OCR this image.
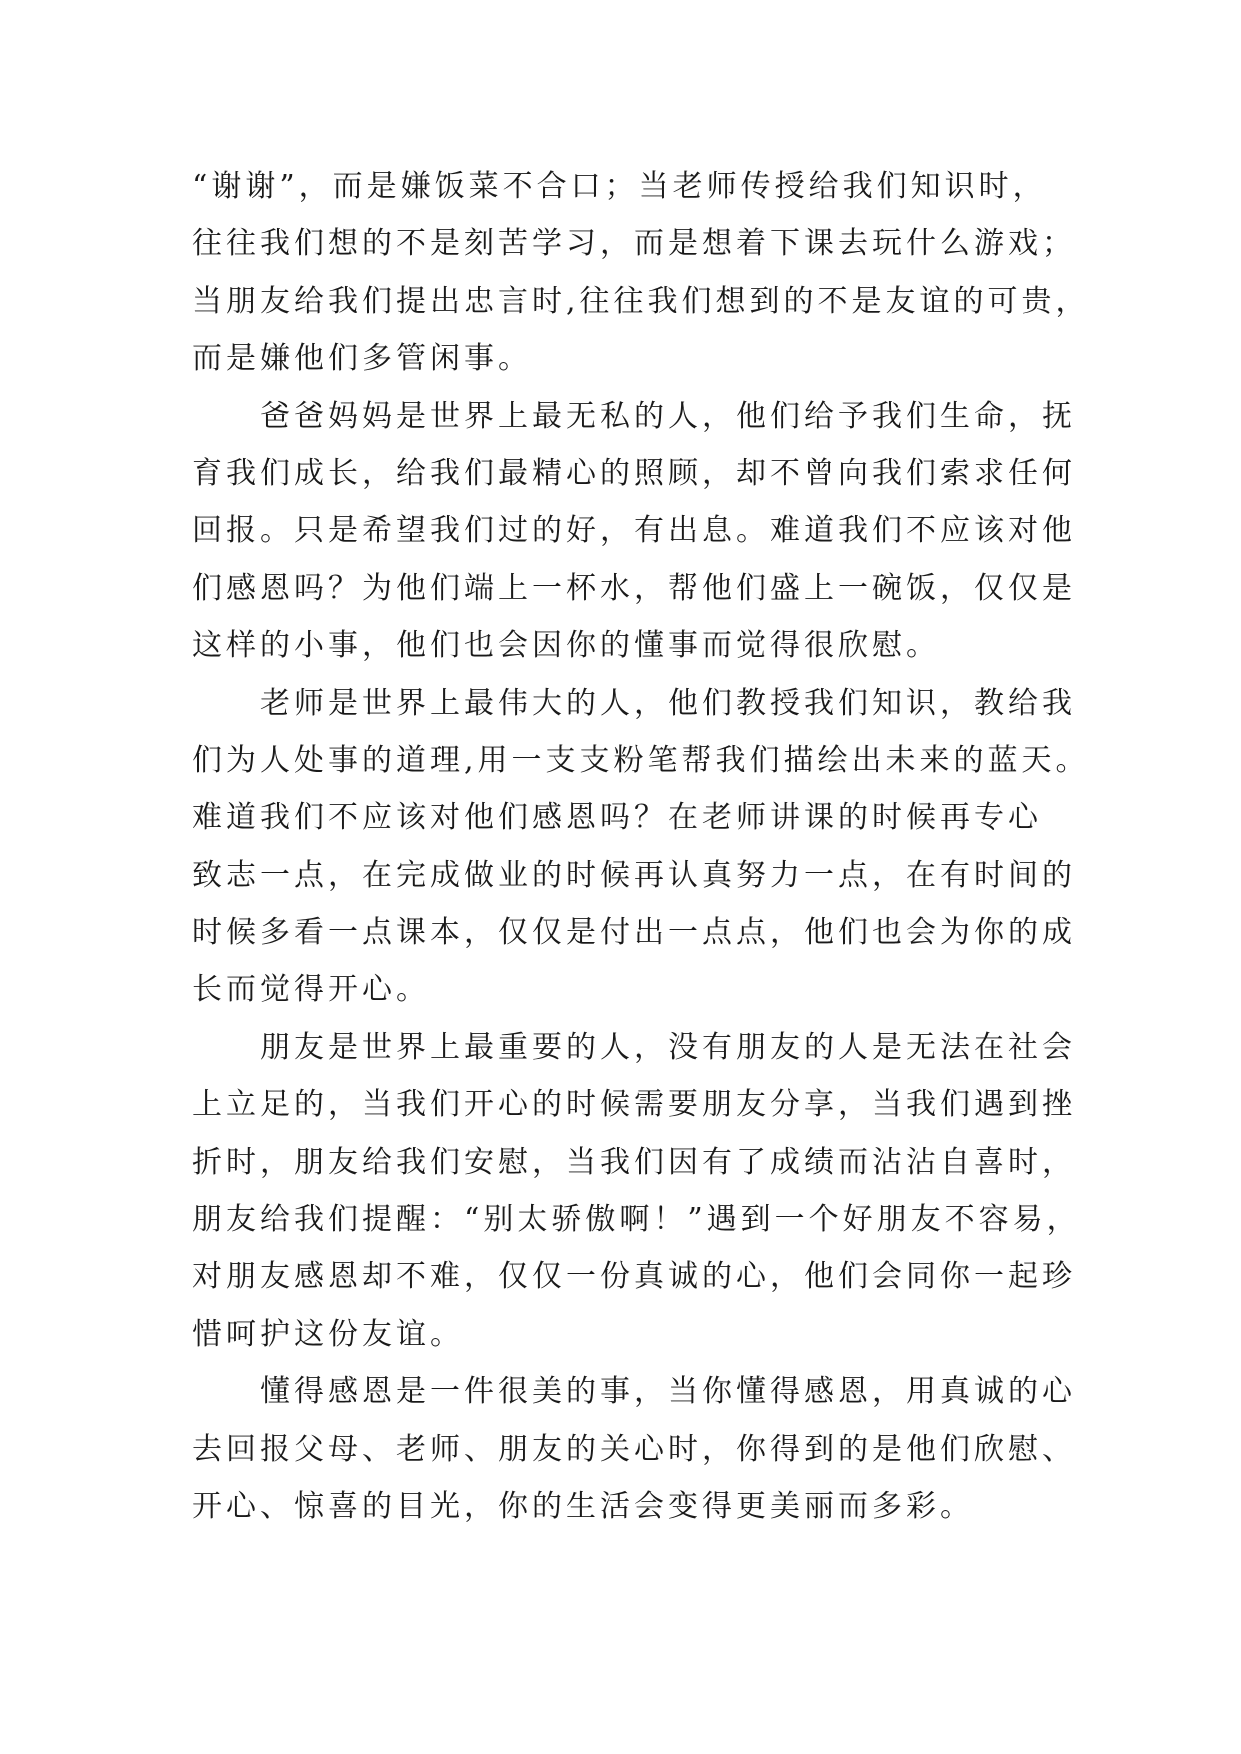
“谢谢”，而是嫌饭菜不合口；当老师传授给我们知识时，
往往我们想的不是刻苦学习，而是想着下课去玩什么游戏；
当朋友给我们提出忠言时,往往我们想到的不是友谊的可贵，
而是嫌他们多管闲事。
爸爸妈妈是世界上最无私的人，他们给予我们生命，抚
育我们成长，给我们最精心的照顾，却不曾向我们索求任何
回报。只是希望我们过的好，有出息。难道我们不应该对他
们感恩吗？为他们端上一杯水，帮他们盛上一碗饭，仅仅是
这样的小事，他们也会因你的懂事而觉得很欣慰。
老师是世界上最伟大的人，他们教授我们知识，教给我
们为人处事的道理,用一支支粉笔帮我们描绘出未来的蓝天。
难道我们不应该对他们感恩吗？在老师讲课的时候再专心
致志一点，在完成做业的时候再认真努力一点，在有时间的
时候多看一点课本，仅仅是付出一点点，他们也会为你的成
长而觉得开心。
朋友是世界上最重要的人，没有朋友的人是无法在社会
上立足的，当我们开心的时候需要朋友分享，当我们遇到挫
折时，朋友给我们安慰，当我们因有了成绩而沾沾自喜时，
朋友给我们提醒：“别太骄傲啊！”遇到一个好朋友不容易，
对朋友感恩却不难，仅仅一份真诚的心，他们会同你一起珍
惜呵护这份友谊。
懂得感恩是一件很美的事，当你懂得感恩，用真诚的心
去回报父母、老师、朋友的关心时，你得到的是他们欣慰、
开心、惊喜的目光，你的生活会变得更美丽而多彩。
